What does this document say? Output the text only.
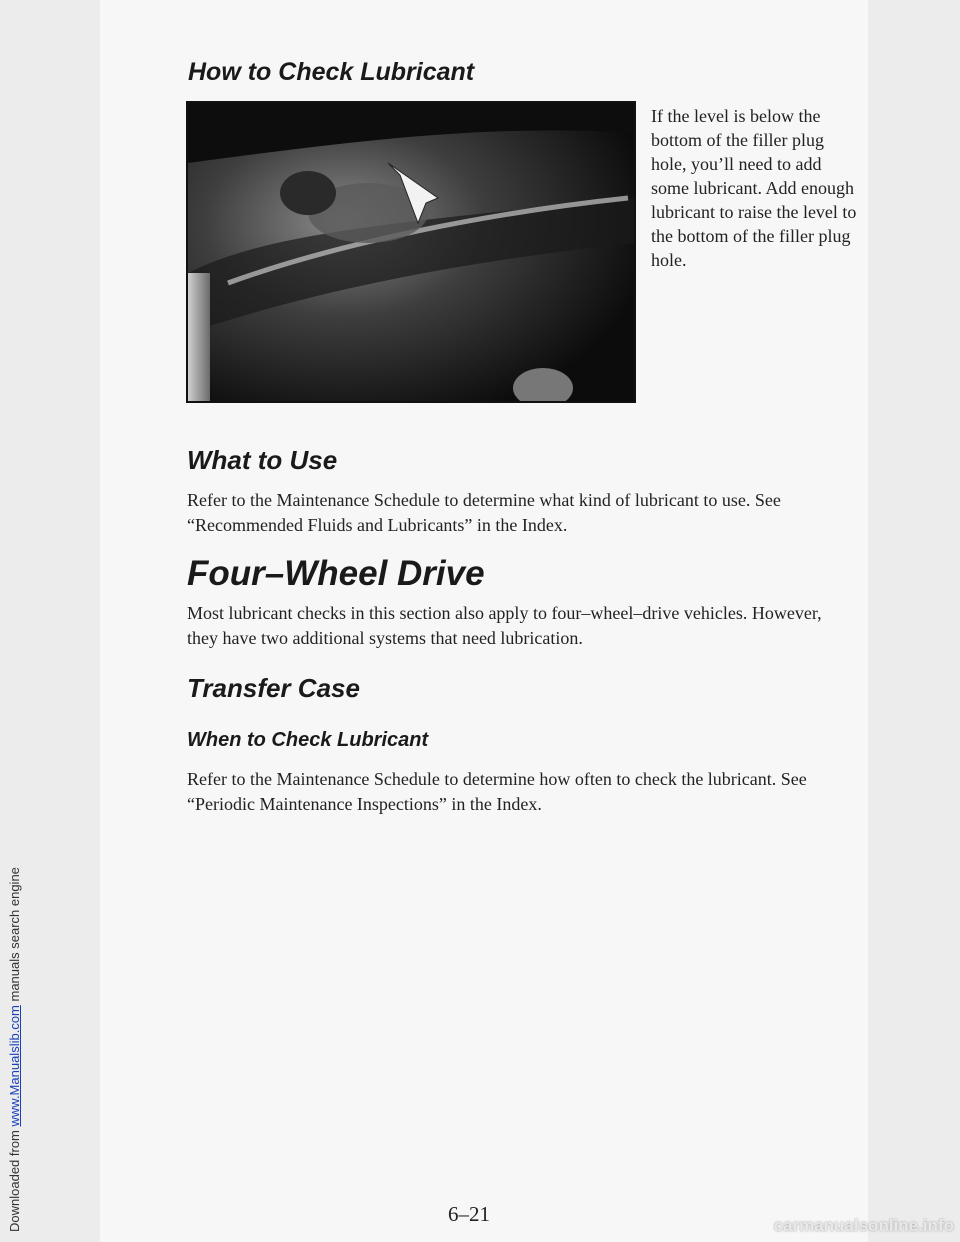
Downloaded from www.Manualslib.com manuals search engine
How to Check Lubricant

If the level is below the bottom of the filler plug hole, you’ll need to add some lubricant. Add enough lubricant to raise the level to the bottom of the filler plug hole.

What to Use

Refer to the Maintenance Schedule to determine what kind of lubricant to use. See “Recommended Fluids and Lubricants” in the Index.

Four–Wheel Drive

Most lubricant checks in this section also apply to four–wheel–drive vehicles. However, they have two additional systems that need lubrication.

Transfer Case
When to Check Lubricant

Refer to the Maintenance Schedule to determine how often to check the lubricant. See “Periodic Maintenance Inspections” in the Index.

6–21	carmanualsonline.info
